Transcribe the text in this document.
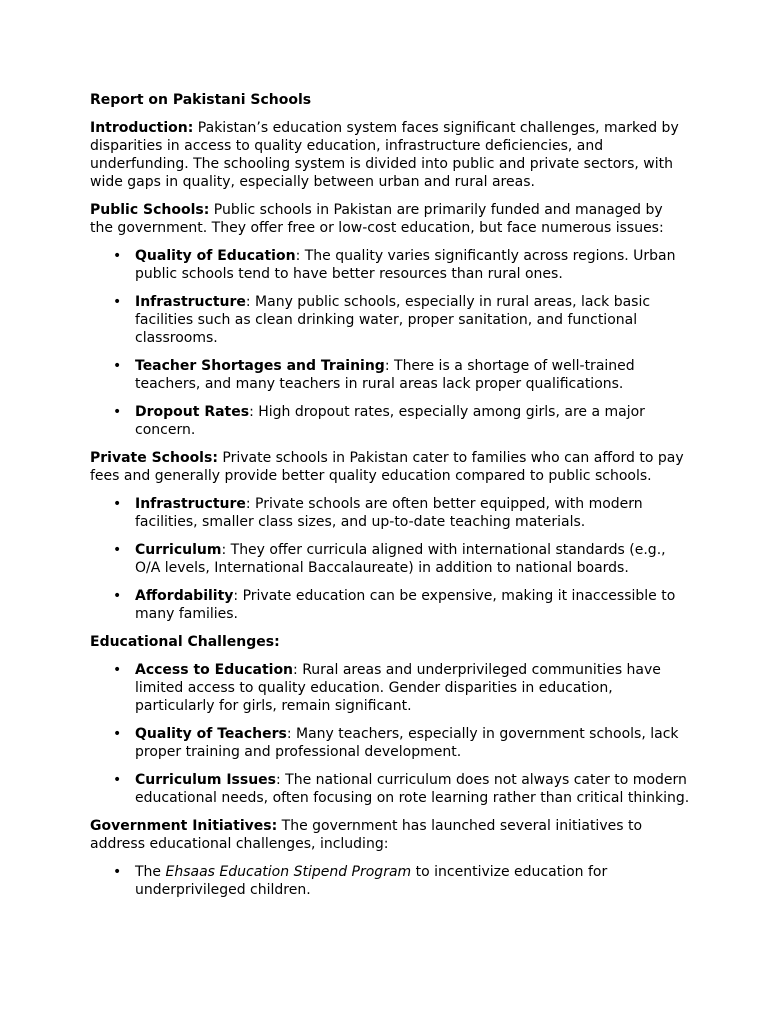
Report on Pakistani Schools

Introduction: Pakistan’s education system faces significant challenges, marked by disparities in access to quality education, infrastructure deficiencies, and underfunding. The schooling system is divided into public and private sectors, with wide gaps in quality, especially between urban and rural areas.

Public Schools: Public schools in Pakistan are primarily funded and managed by the government. They offer free or low-cost education, but face numerous issues:

• Quality of Education: The quality varies significantly across regions. Urban public schools tend to have better resources than rural ones.
• Infrastructure: Many public schools, especially in rural areas, lack basic facilities such as clean drinking water, proper sanitation, and functional classrooms.
• Teacher Shortages and Training: There is a shortage of well-trained teachers, and many teachers in rural areas lack proper qualifications.
• Dropout Rates: High dropout rates, especially among girls, are a major concern.

Private Schools: Private schools in Pakistan cater to families who can afford to pay fees and generally provide better quality education compared to public schools.

• Infrastructure: Private schools are often better equipped, with modern facilities, smaller class sizes, and up-to-date teaching materials.
• Curriculum: They offer curricula aligned with international standards (e.g., O/A levels, International Baccalaureate) in addition to national boards.
• Affordability: Private education can be expensive, making it inaccessible to many families.

Educational Challenges:

• Access to Education: Rural areas and underprivileged communities have limited access to quality education. Gender disparities in education, particularly for girls, remain significant.
• Quality of Teachers: Many teachers, especially in government schools, lack proper training and professional development.
• Curriculum Issues: The national curriculum does not always cater to modern educational needs, often focusing on rote learning rather than critical thinking.

Government Initiatives: The government has launched several initiatives to address educational challenges, including:

• The Ehsaas Education Stipend Program to incentivize education for underprivileged children.
